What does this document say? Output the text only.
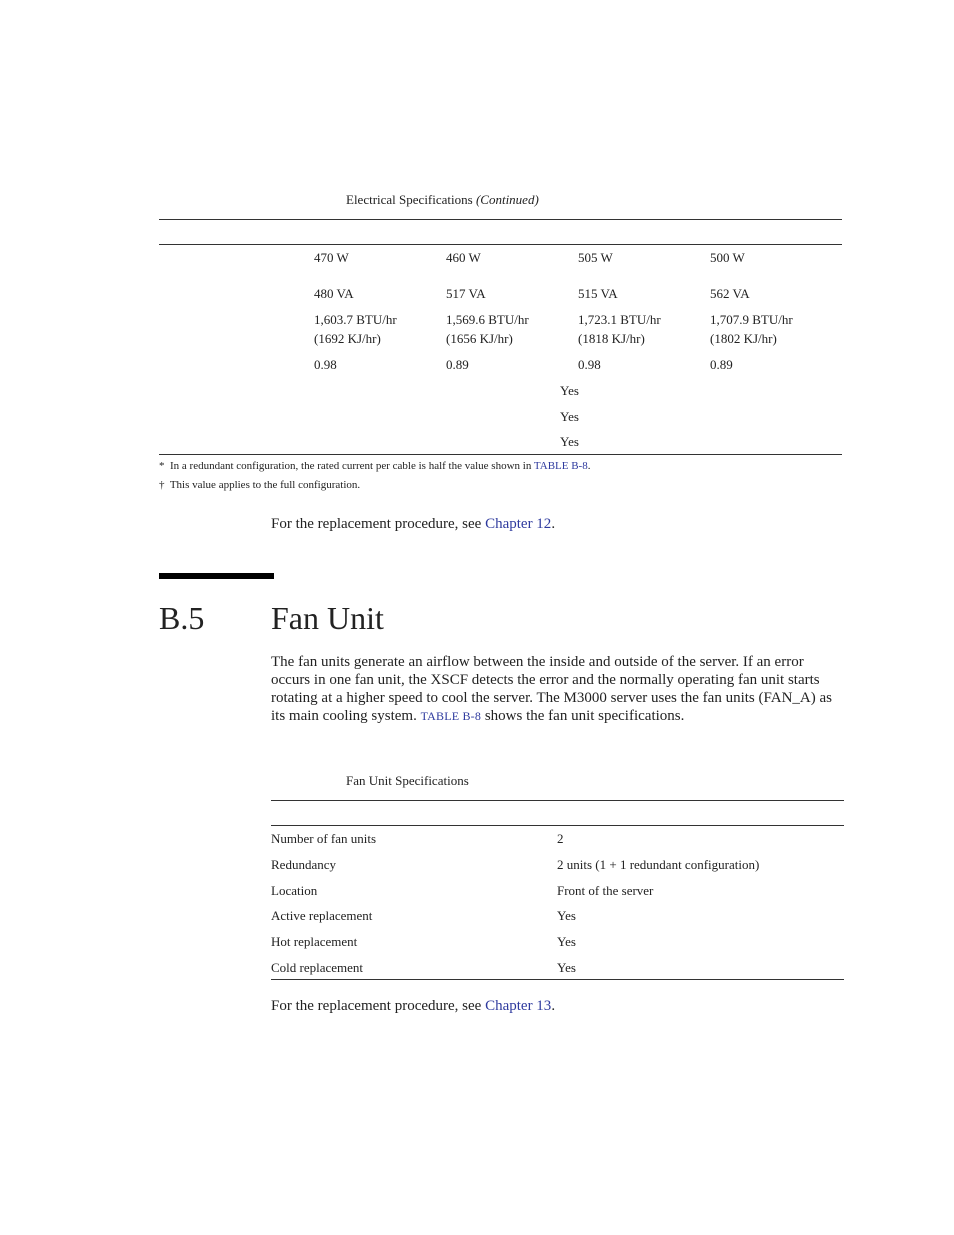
Electrical Specifications (Continued)
470 W	460 W	505 W	500 W
480 VA	517 VA	515 VA	562 VA
1,603.7 BTU/hr	1,569.6 BTU/hr	1,723.1 BTU/hr	1,707.9 BTU/hr
(1692 KJ/hr)	(1656 KJ/hr)	(1818 KJ/hr)	(1802 KJ/hr)
0.98	0.89	0.98	0.89
Yes
Yes
Yes
* In a redundant configuration, the rated current per cable is half the value shown in TABLE B-8.
† This value applies to the full configuration.
For the replacement procedure, see Chapter 12.
B.5 Fan Unit
The fan units generate an airflow between the inside and outside of the server. If an error occurs in one fan unit, the XSCF detects the error and the normally operating fan unit starts rotating at a higher speed to cool the server. The M3000 server uses the fan units (FAN_A) as its main cooling system. TABLE B-8 shows the fan unit specifications.
Fan Unit Specifications
Number of fan units	2
Redundancy	2 units (1 + 1 redundant configuration)
Location	Front of the server
Active replacement	Yes
Hot replacement	Yes
Cold replacement	Yes
For the replacement procedure, see Chapter 13.
